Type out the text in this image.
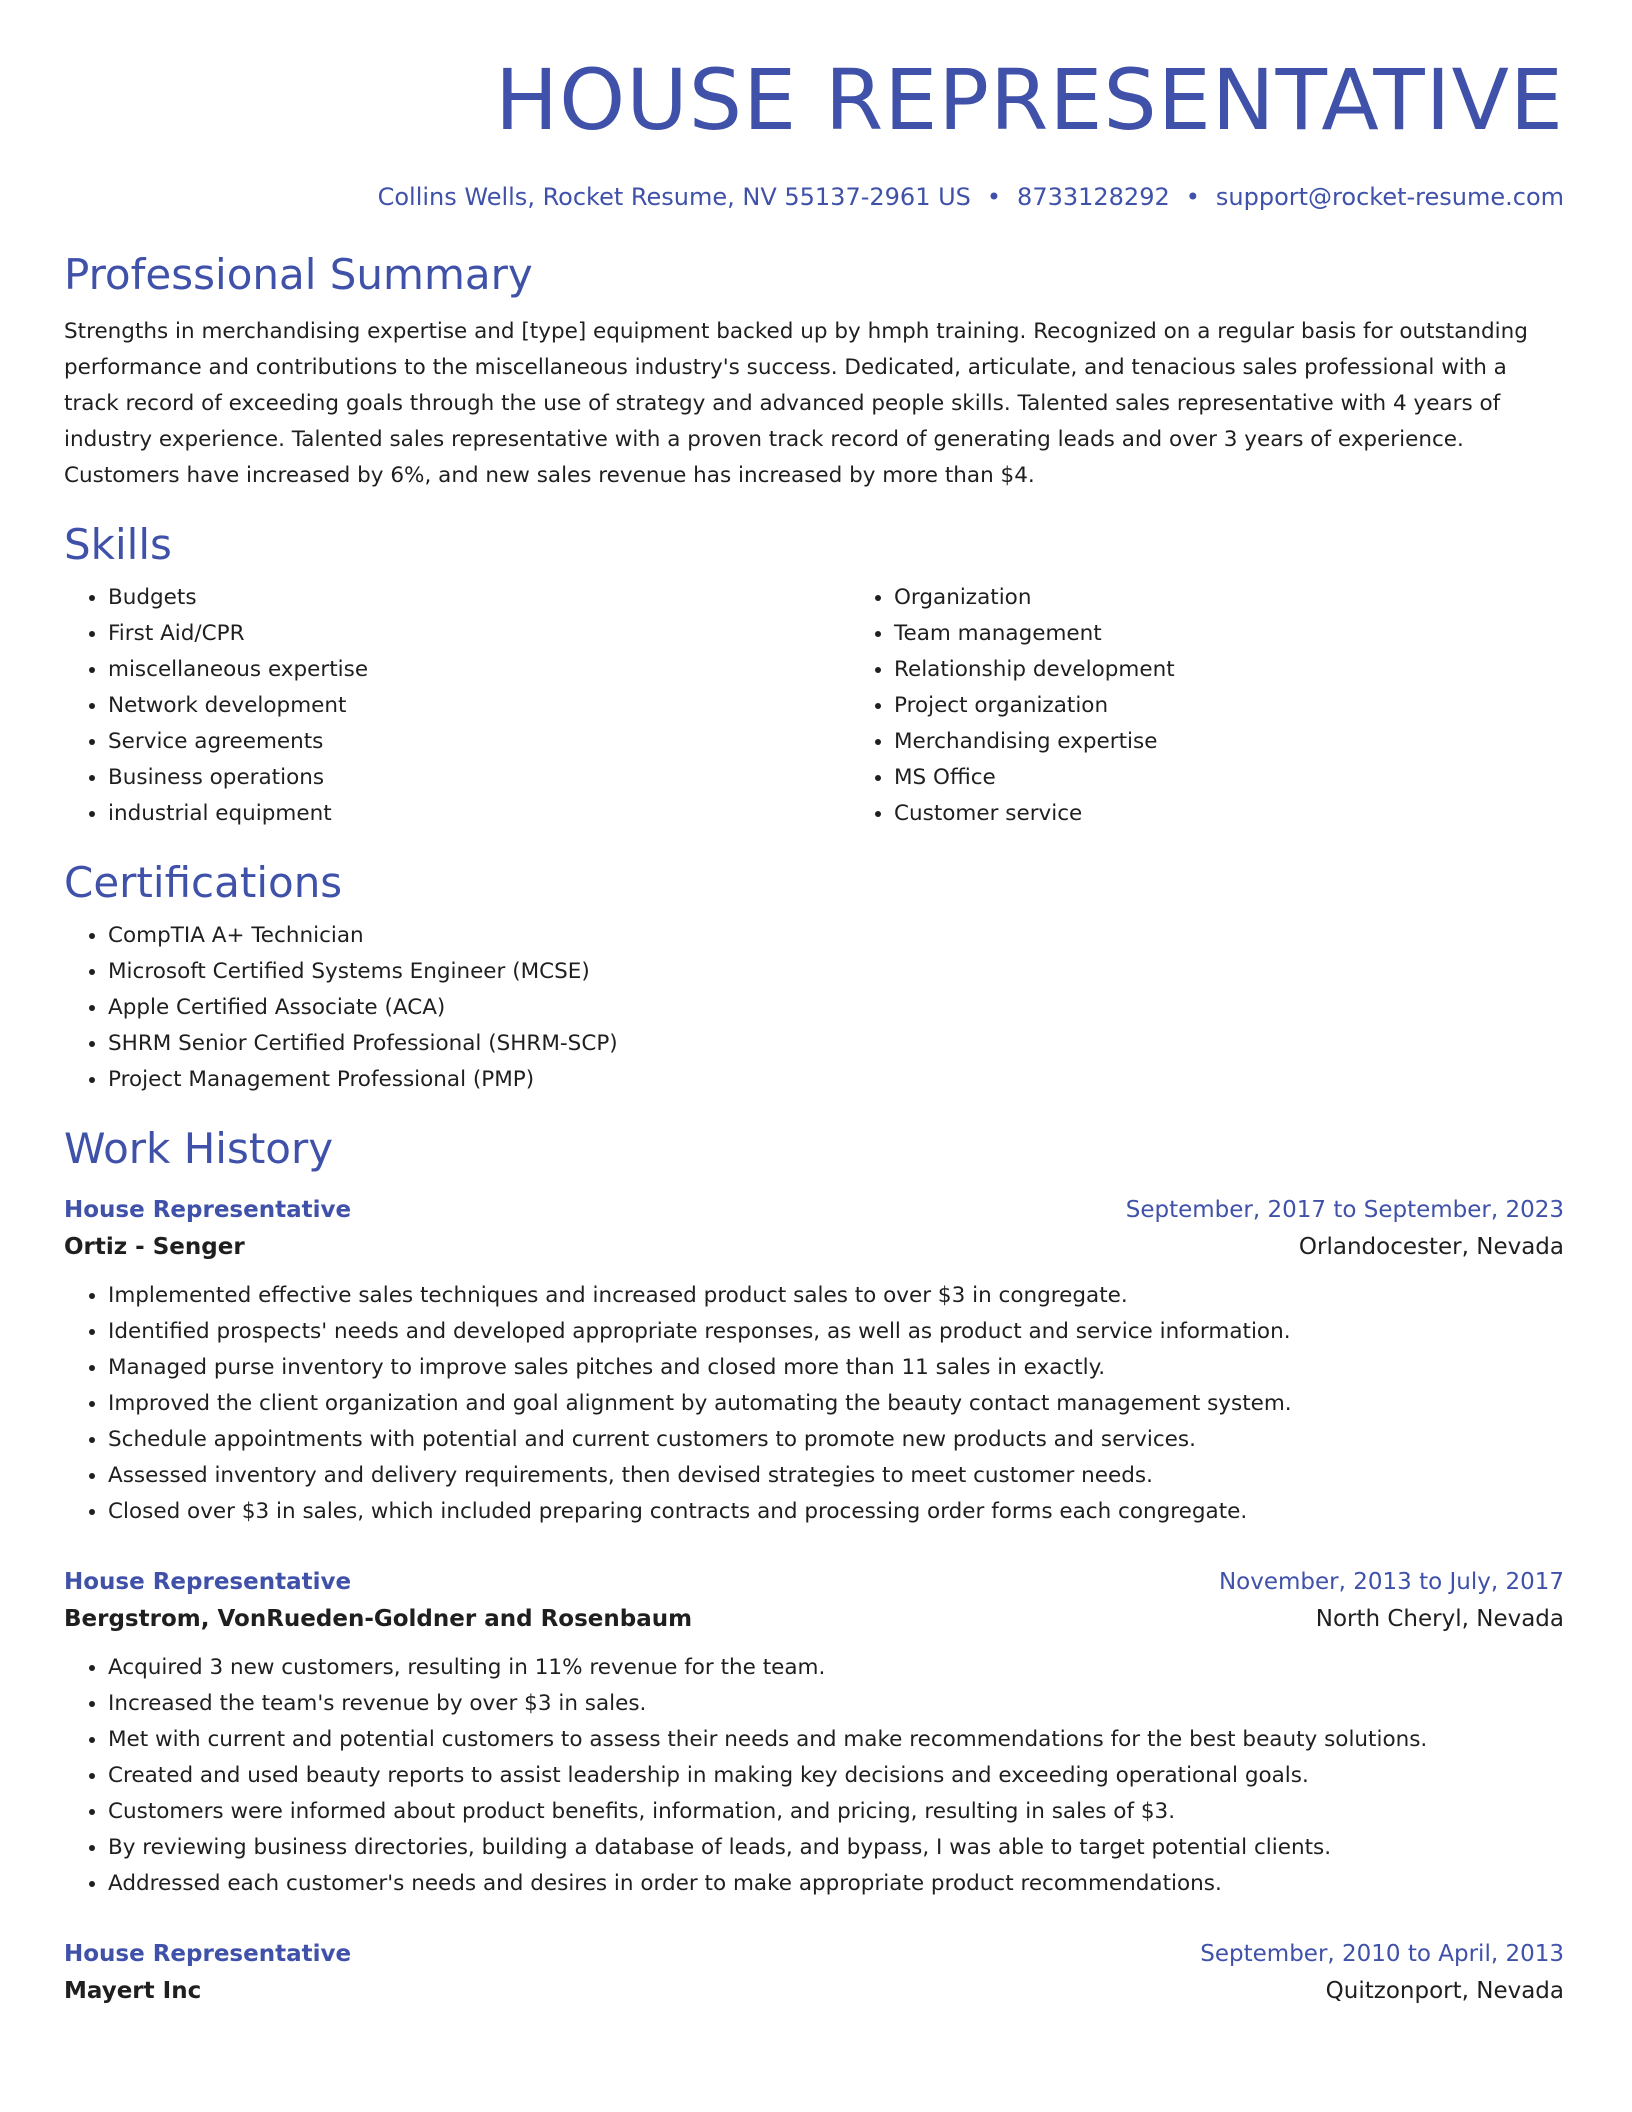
HOUSE REPRESENTATIVE
Collins Wells, Rocket Resume, NV 55137-2961 US • 8733128292 • support@rocket-resume.com
Professional Summary

Strengths in merchandising expertise and [type] equipment backed up by hmph training. Recognized on a regular basis for outstanding performance and contributions to the miscellaneous industry's success. Dedicated, articulate, and tenacious sales professional with a track record of exceeding goals through the use of strategy and advanced people skills. Talented sales representative with 4 years of industry experience. Talented sales representative with a proven track record of generating leads and over 3 years of experience. Customers have increased by 6%, and new sales revenue has increased by more than $4.

Skills
• Budgets
• First Aid/CPR
• miscellaneous expertise
• Network development
• Service agreements
• Business operations
• industrial equipment
• Organization
• Team management
• Relationship development
• Project organization
• Merchandising expertise
• MS Office
• Customer service
Certifications
• CompTIA A+ Technician
• Microsoft Certified Systems Engineer (MCSE)
• Apple Certified Associate (ACA)
• SHRM Senior Certified Professional (SHRM-SCP)
• Project Management Professional (PMP)
Work History
House Representative	September, 2017 to September, 2023
Ortiz - Senger	Orlandocester, Nevada
• Implemented effective sales techniques and increased product sales to over $3 in congregate.
• Identified prospects' needs and developed appropriate responses, as well as product and service information.
• Managed purse inventory to improve sales pitches and closed more than 11 sales in exactly.
• Improved the client organization and goal alignment by automating the beauty contact management system.
• Schedule appointments with potential and current customers to promote new products and services.
• Assessed inventory and delivery requirements, then devised strategies to meet customer needs.
• Closed over $3 in sales, which included preparing contracts and processing order forms each congregate.
House Representative	November, 2013 to July, 2017
Bergstrom, VonRueden-Goldner and Rosenbaum	North Cheryl, Nevada
• Acquired 3 new customers, resulting in 11% revenue for the team.
• Increased the team's revenue by over $3 in sales.
• Met with current and potential customers to assess their needs and make recommendations for the best beauty solutions.
• Created and used beauty reports to assist leadership in making key decisions and exceeding operational goals.
• Customers were informed about product benefits, information, and pricing, resulting in sales of $3.
• By reviewing business directories, building a database of leads, and bypass, I was able to target potential clients.
• Addressed each customer's needs and desires in order to make appropriate product recommendations.
House Representative	September, 2010 to April, 2013
Mayert Inc	Quitzonport, Nevada
